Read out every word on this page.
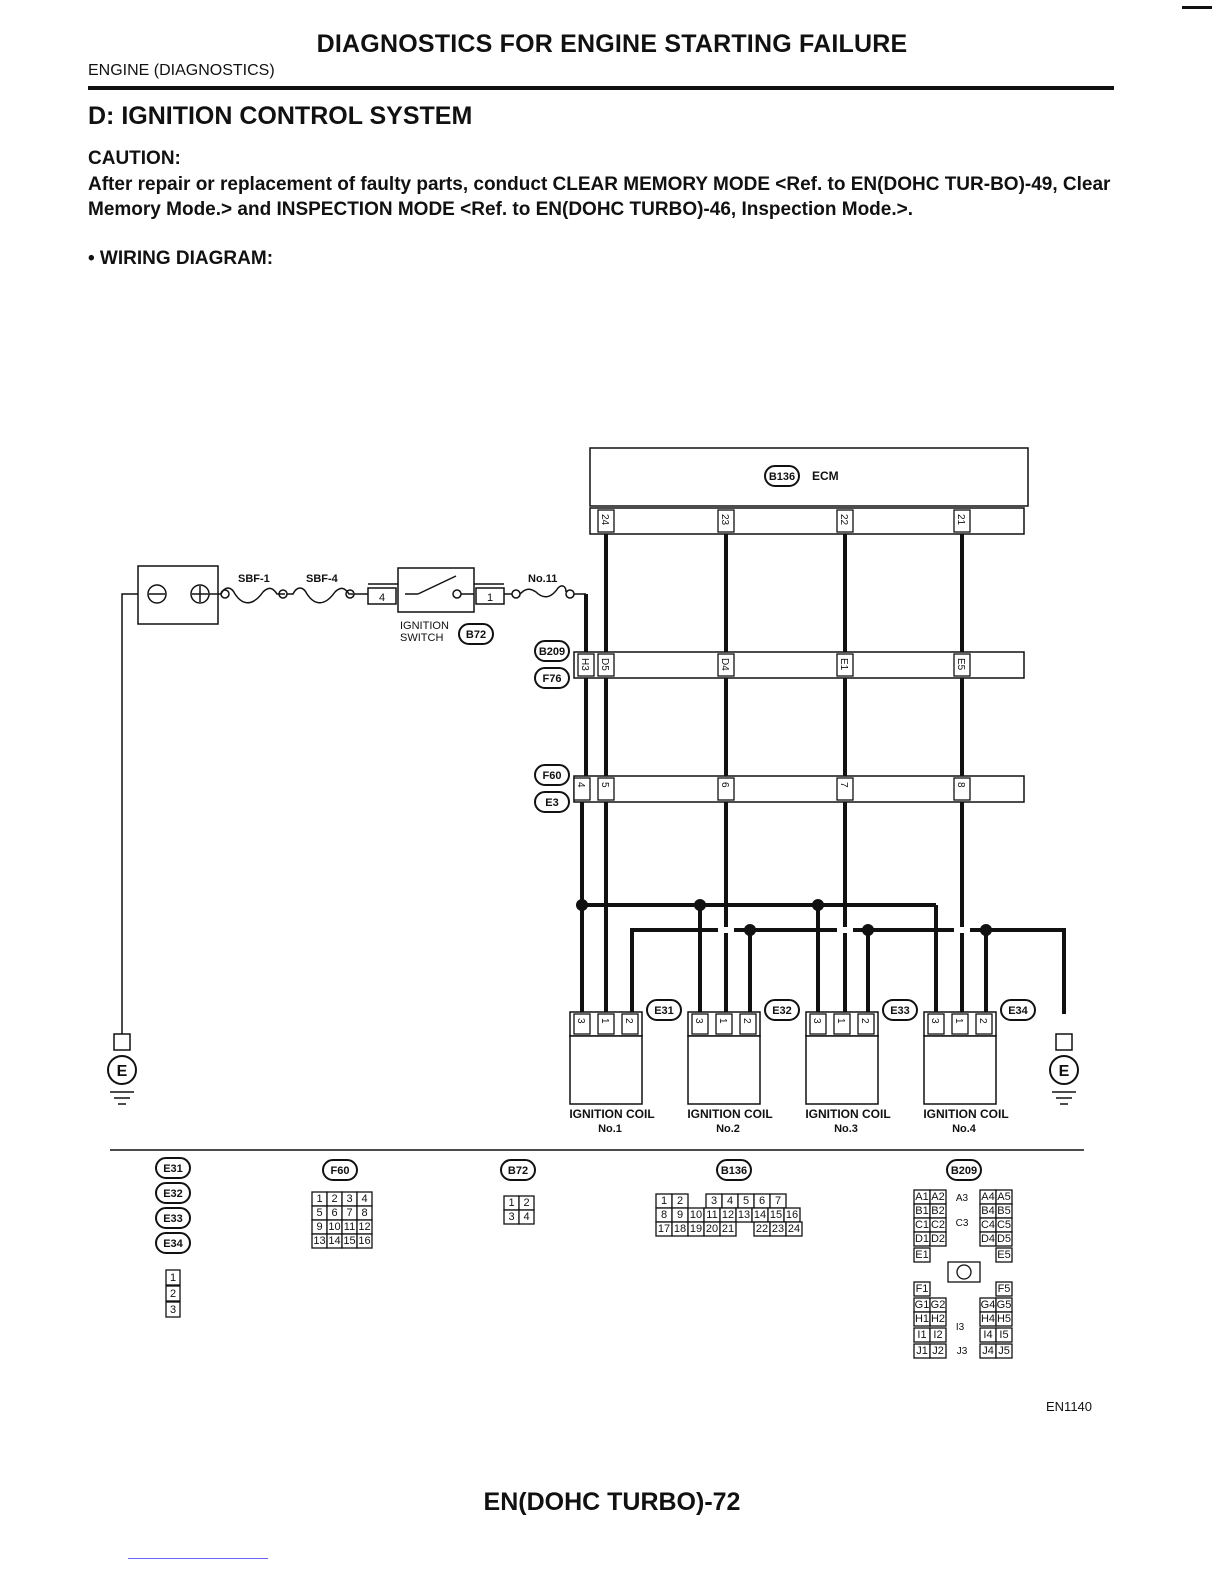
DIAGNOSTICS FOR ENGINE STARTING FAILURE
ENGINE (DIAGNOSTICS)
D: IGNITION CONTROL SYSTEM
CAUTION:
After repair or replacement of faulty parts, conduct CLEAR MEMORY MODE <Ref. to EN(DOHC TUR-BO)-49, Clear Memory Mode.> and INSPECTION MODE <Ref. to EN(DOHC TURBO)-46, Inspection Mode.>.
• WIRING DIAGRAM:
B136 ECM
24	23	22	21
SBF-1	SBF-4	No.11
4	1
IGNITION
SWITCH B72
B209
F76
H3 D5	D4	E1	E5
F60
E3
4 5	6	7	8
3 1 2
E31
IGNITION COIL
No.1
3 1 2
E32
IGNITION COIL
No.2
3 1 2
E33
IGNITION COIL
No.3
3 1 2
E34
IGNITION COIL
No.4
E	E
E31
E32
E33
E34
1
2
3
F60
1 2 3 4
5 6 7 8
9 10 11 12
13 14 15 16
B72
1 2
3 4
B136
1 2	3 4 5 6 7
8 9 10 11 12 13 14 15 16
17 18 19 20 21 22 23 24
B209
A1 A2
B1 B2
C1 C2
D1 D2
E1
F1
G1 G2
H1 H2
I1 I2
J1 J2
A4 A5
B4 B5
C4 C5
D4 D5
E5
F5
G4 G5
H4 H5
I4 I5
J4 J5
A3
C3
I3
J3
EN1140
EN(DOHC TURBO)-72
